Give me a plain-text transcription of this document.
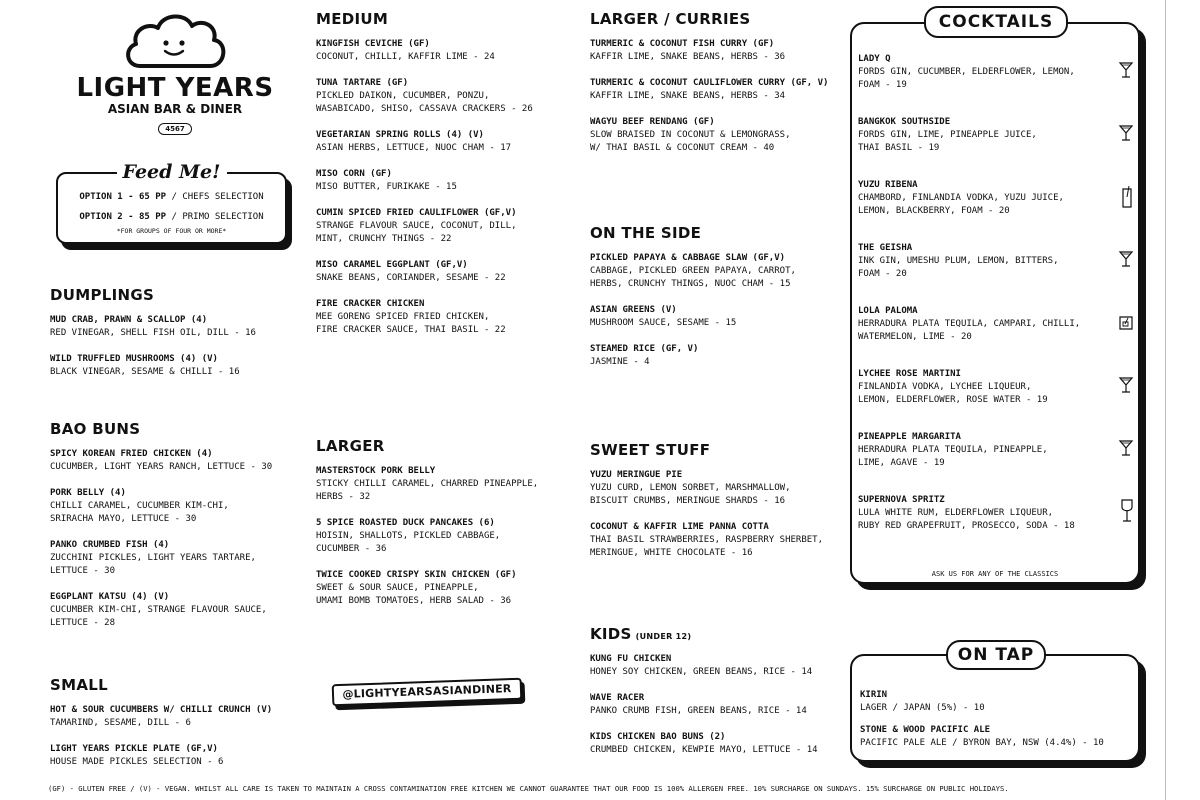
LIGHT YEARS
ASIAN BAR & DINER
4567
Feed Me!
OPTION 1 - 65 PP / CHEFS SELECTION
OPTION 2 - 85 PP / PRIMO SELECTION
*FOR GROUPS OF FOUR OR MORE*
DUMPLINGS
MUD CRAB, PRAWN & SCALLOP (4)
RED VINEGAR, SHELL FISH OIL, DILL - 16
WILD TRUFFLED MUSHROOMS (4) (V)
BLACK VINEGAR, SESAME & CHILLI - 16
BAO BUNS
SPICY KOREAN FRIED CHICKEN (4)
CUCUMBER, LIGHT YEARS RANCH, LETTUCE - 30
PORK BELLY (4)
CHILLI CARAMEL, CUCUMBER KIM-CHI,
SRIRACHA MAYO, LETTUCE - 30
PANKO CRUMBED FISH (4)
ZUCCHINI PICKLES, LIGHT YEARS TARTARE,
LETTUCE - 30
EGGPLANT KATSU (4) (V)
CUCUMBER KIM-CHI, STRANGE FLAVOUR SAUCE,
LETTUCE - 28
SMALL
HOT & SOUR CUCUMBERS W/ CHILLI CRUNCH (V)
TAMARIND, SESAME, DILL - 6
LIGHT YEARS PICKLE PLATE (GF,V)
HOUSE MADE PICKLES SELECTION - 6
MEDIUM
KINGFISH CEVICHE (GF)
COCONUT, CHILLI, KAFFIR LIME - 24
TUNA TARTARE (GF)
PICKLED DAIKON, CUCUMBER, PONZU,
WASABICADO, SHISO, CASSAVA CRACKERS - 26
VEGETARIAN SPRING ROLLS (4) (V)
ASIAN HERBS, LETTUCE, NUOC CHAM - 17
MISO CORN (GF)
MISO BUTTER, FURIKAKE - 15
CUMIN SPICED FRIED CAULIFLOWER (GF,V)
STRANGE FLAVOUR SAUCE, COCONUT, DILL,
MINT, CRUNCHY THINGS - 22
MISO CARAMEL EGGPLANT (GF,V)
SNAKE BEANS, CORIANDER, SESAME - 22
FIRE CRACKER CHICKEN
MEE GORENG SPICED FRIED CHICKEN,
FIRE CRACKER SAUCE, THAI BASIL - 22
LARGER
MASTERSTOCK PORK BELLY
STICKY CHILLI CARAMEL, CHARRED PINEAPPLE,
HERBS - 32
5 SPICE ROASTED DUCK PANCAKES (6)
HOISIN, SHALLOTS, PICKLED CABBAGE,
CUCUMBER - 36
TWICE COOKED CRISPY SKIN CHICKEN (GF)
SWEET & SOUR SAUCE, PINEAPPLE,
UMAMI BOMB TOMATOES, HERB SALAD - 36
@LIGHTYEARSASIANDINER
LARGER / CURRIES
TURMERIC & COCONUT FISH CURRY (GF)
KAFFIR LIME, SNAKE BEANS, HERBS - 36
TURMERIC & COCONUT CAULIFLOWER CURRY (GF, V)
KAFFIR LIME, SNAKE BEANS, HERBS - 34
WAGYU BEEF RENDANG (GF)
SLOW BRAISED IN COCONUT & LEMONGRASS,
W/ THAI BASIL & COCONUT CREAM - 40
ON THE SIDE
PICKLED PAPAYA & CABBAGE SLAW (GF,V)
CABBAGE, PICKLED GREEN PAPAYA, CARROT,
HERBS, CRUNCHY THINGS, NUOC CHAM - 15
ASIAN GREENS (V)
MUSHROOM SAUCE, SESAME - 15
STEAMED RICE (GF, V)
JASMINE - 4
SWEET STUFF
YUZU MERINGUE PIE
YUZU CURD, LEMON SORBET, MARSHMALLOW,
BISCUIT CRUMBS, MERINGUE SHARDS - 16
COCONUT & KAFFIR LIME PANNA COTTA
THAI BASIL STRAWBERRIES, RASPBERRY SHERBET,
MERINGUE, WHITE CHOCOLATE - 16
KIDS (UNDER 12)
KUNG FU CHICKEN
HONEY SOY CHICKEN, GREEN BEANS, RICE - 14
WAVE RACER
PANKO CRUMB FISH, GREEN BEANS, RICE - 14
KIDS CHICKEN BAO BUNS (2)
CRUMBED CHICKEN, KEWPIE MAYO, LETTUCE - 14
COCKTAILS
LADY Q
FORDS GIN, CUCUMBER, ELDERFLOWER, LEMON,
FOAM - 19
BANGKOK SOUTHSIDE
FORDS GIN, LIME, PINEAPPLE JUICE,
THAI BASIL - 19
YUZU RIBENA
CHAMBORD, FINLANDIA VODKA, YUZU JUICE,
LEMON, BLACKBERRY, FOAM - 20
THE GEISHA
INK GIN, UMESHU PLUM, LEMON, BITTERS,
FOAM - 20
LOLA PALOMA
HERRADURA PLATA TEQUILA, CAMPARI, CHILLI,
WATERMELON, LIME - 20
LYCHEE ROSE MARTINI
FINLANDIA VODKA, LYCHEE LIQUEUR,
LEMON, ELDERFLOWER, ROSE WATER - 19
PINEAPPLE MARGARITA
HERRADURA PLATA TEQUILA, PINEAPPLE,
LIME, AGAVE - 19
SUPERNOVA SPRITZ
LULA WHITE RUM, ELDERFLOWER LIQUEUR,
RUBY RED GRAPEFRUIT, PROSECCO, SODA - 18
ASK US FOR ANY OF THE CLASSICS
ON TAP
KIRIN
LAGER / JAPAN (5%) - 10
STONE & WOOD PACIFIC ALE
PACIFIC PALE ALE / BYRON BAY, NSW (4.4%) - 10
(GF) - GLUTEN FREE / (V) - VEGAN. WHILST ALL CARE IS TAKEN TO MAINTAIN A CROSS CONTAMINATION FREE KITCHEN WE CANNOT GUARANTEE THAT OUR FOOD IS 100% ALLERGEN FREE. 10% SURCHARGE ON SUNDAYS. 15% SURCHARGE ON PUBLIC HOLIDAYS.
